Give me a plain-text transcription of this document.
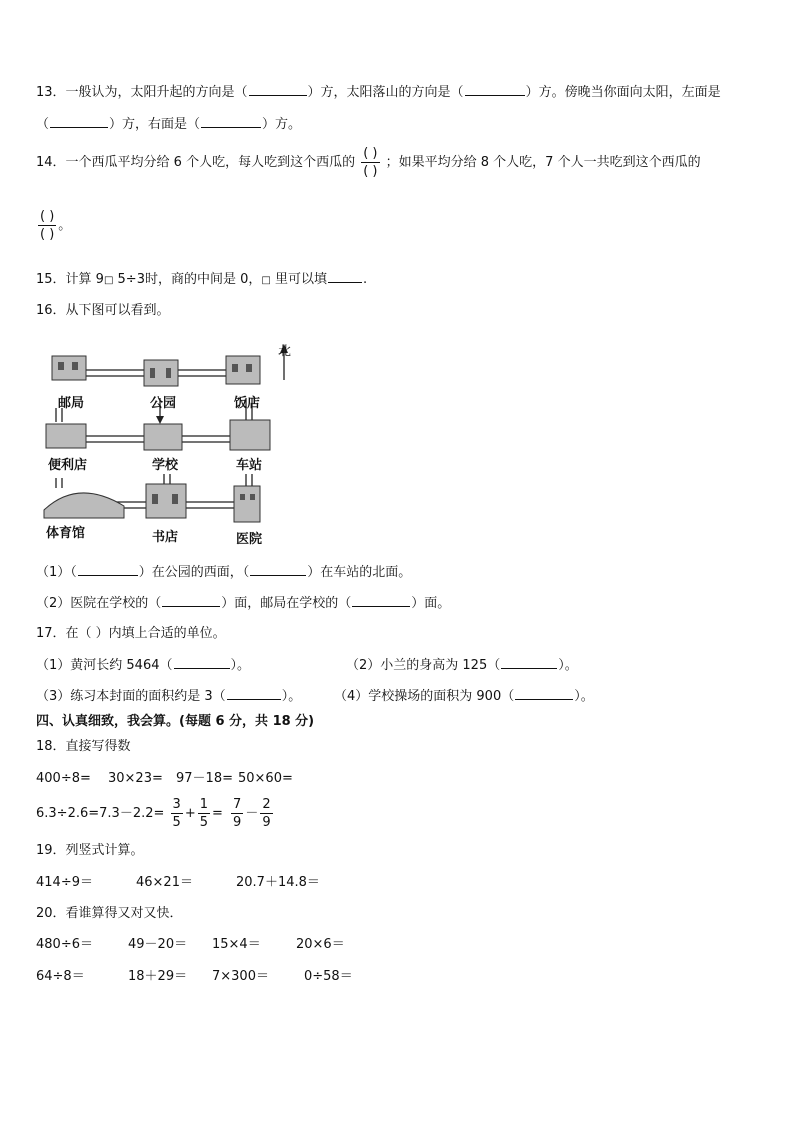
13．一般认为，太阳升起的方向是（	）方，太阳落山的方向是（	）方。傍晚当你面向太阳，左面是
（	）方，右面是（	）方。
14．一个西瓜平均分给 6 个人吃，每人吃到这个西瓜的 $\frac{( )}{( )}$ ；如果平均分给 8 个人吃，7 个人一共吃到这个西瓜的
$\frac{( )}{( )}$ 。
15．计算 9□ 5÷3时，商的中间是 0，□ 里可以填	.
16．从下图可以看到。
北
邮局	公园	饭店
便利店	学校	车站
体育馆	书店	医院
（1）（	）在公园的西面，（	）在车站的北面。
（2）医院在学校的（	）面，邮局在学校的（	）面。
17．在（ ）内填上合适的单位。
（1）黄河长约 5464（	）。	（2）小兰的身高为 125（	）。
（3）练习本封面的面积约是 3（	）。	（4）学校操场的面积为 900（	）。
四、认真细致，我会算。(每题 6 分，共 18 分)
18．直接写得数
400÷8= 30×23= 97－18= 50×60=
$6.3\div 2.6=7.3-2.2= \frac{3}{5} + \frac{1}{5} = \frac{7}{9} - \frac{2}{9}$
19．列竖式计算。
414÷9＝	46×21＝	20.7＋14.8＝
20．看谁算得又对又快．
480÷6＝	49－20＝ 15×4＝	20×6＝
64÷8＝	18＋29＝ 7×300＝	0÷58＝
